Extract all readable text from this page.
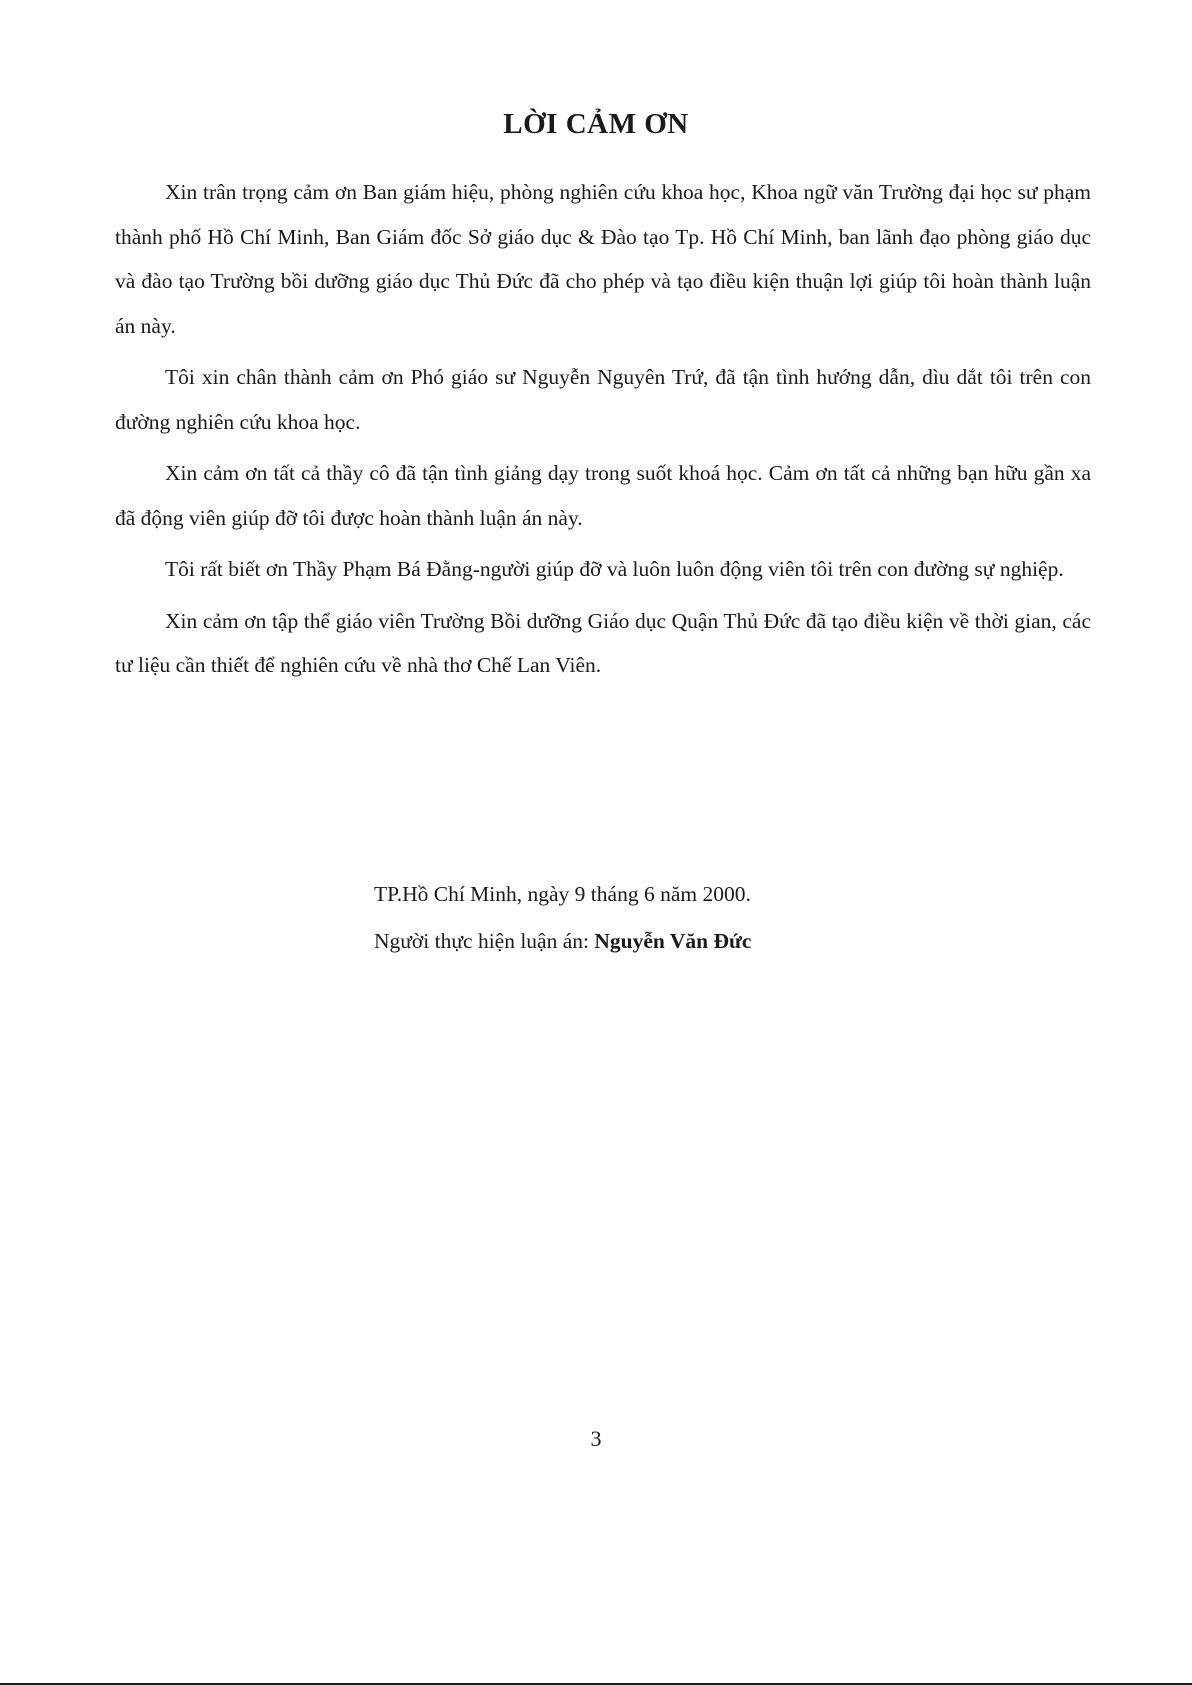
LỜI CẢM ƠN

Xin trân trọng cảm ơn Ban giám hiệu, phòng nghiên cứu khoa học, Khoa ngữ văn Trường đại học sư phạm thành phố Hồ Chí Minh, Ban Giám đốc Sở giáo dục & Đào tạo Tp. Hồ Chí Minh, ban lãnh đạo phòng giáo dục và đào tạo Trường bồi dưỡng giáo dục Thủ Đức đã cho phép và tạo điều kiện thuận lợi giúp tôi hoàn thành luận án này.

Tôi xin chân thành cảm ơn Phó giáo sư Nguyễn Nguyên Trứ, đã tận tình hướng dẫn, dìu dắt tôi trên con đường nghiên cứu khoa học.

Xin cảm ơn tất cả thầy cô đã tận tình giảng dạy trong suốt khoá học. Cảm ơn tất cả những bạn hữu gần xa đã động viên giúp đỡ tôi được hoàn thành luận án này.

Tôi rất biết ơn Thầy Phạm Bá Đằng-người giúp đỡ và luôn luôn động viên tôi trên con đường sự nghiệp.

Xin cảm ơn tập thể giáo viên Trường Bồi dưỡng Giáo dục Quận Thủ Đức đã tạo điều kiện về thời gian, các tư liệu cần thiết để nghiên cứu về nhà thơ Chế Lan Viên.

TP.Hồ Chí Minh, ngày 9 tháng 6 năm 2000.
Người thực hiện luận án: Nguyễn Văn Đức
3
